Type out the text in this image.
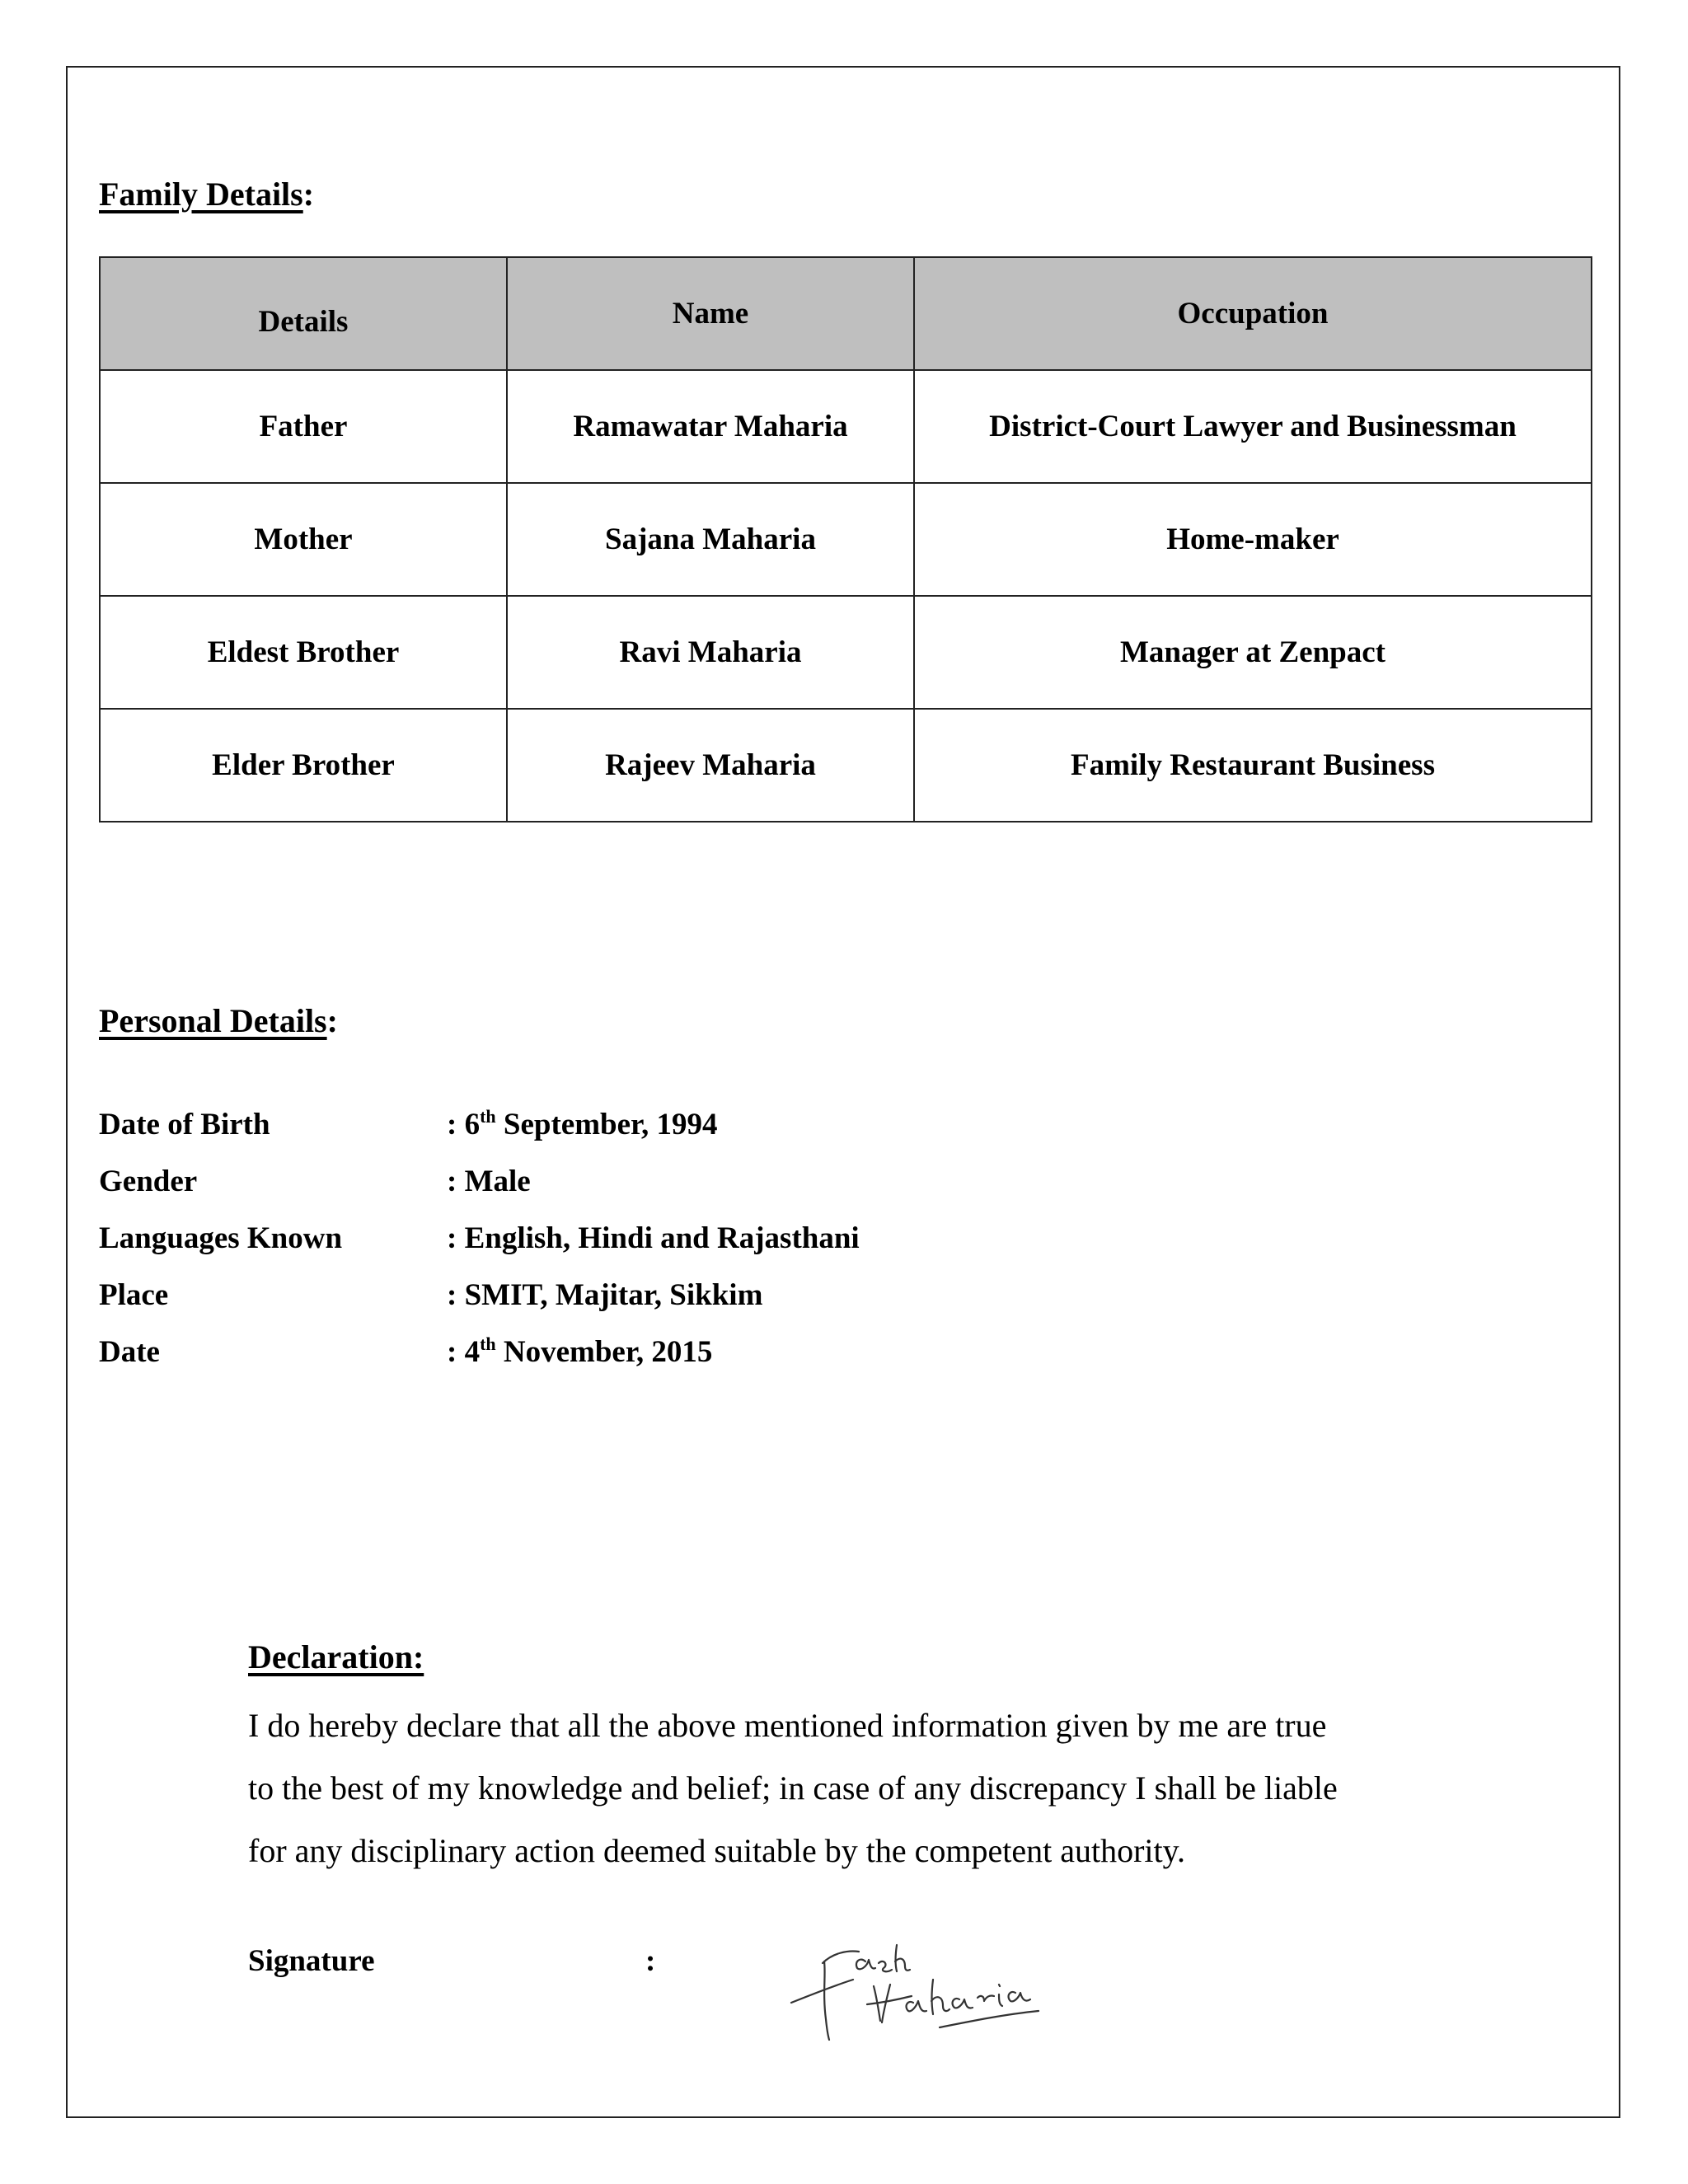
Family Details:
Details	Name	Occupation
Father	Ramawatar Maharia	District-Court Lawyer and Businessman
Mother	Sajana Maharia	Home-maker
Eldest Brother	Ravi Maharia	Manager at Zenpact
Elder Brother	Rajeev Maharia	Family Restaurant Business
Personal Details:
Date of Birth	: 6th September, 1994
Gender	: Male
Languages Known	: English, Hindi and Rajasthani
Place	: SMIT, Majitar, Sikkim
Date	: 4th November, 2015
Declaration:
I do hereby declare that all the above mentioned information given by me are true
to the best of my knowledge and belief; in case of any discrepancy I shall be liable
for any disciplinary action deemed suitable by the competent authority.
Signature	:
